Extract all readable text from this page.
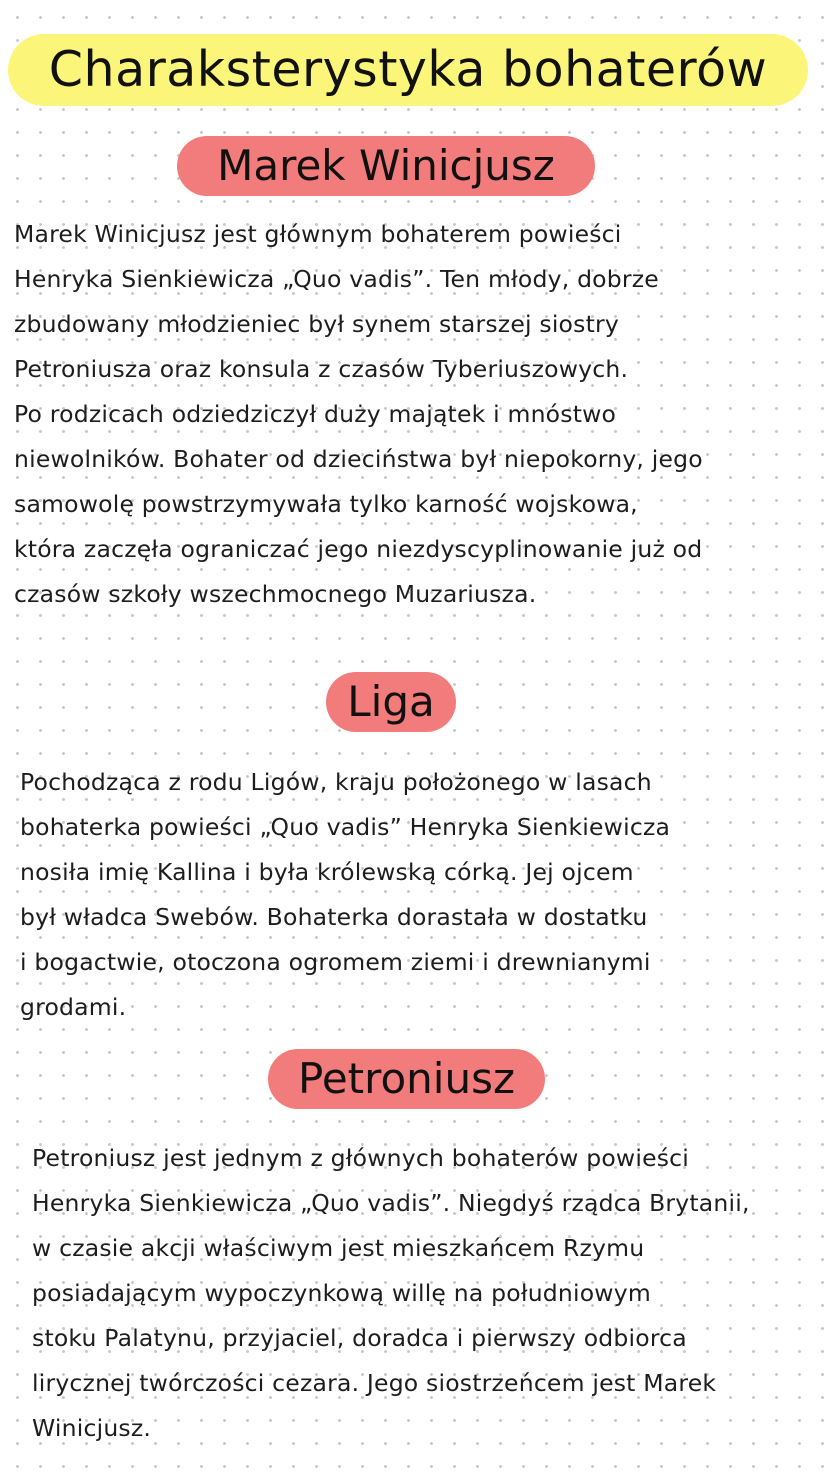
Charaksterystyka bohaterów
Marek Winicjusz
Marek Winicjusz jest głównym bohaterem powieści
Henryka Sienkiewicza „Quo vadis”. Ten młody, dobrze
zbudowany młodzieniec był synem starszej siostry
Petroniusza oraz konsula z czasów Tyberiuszowych.
Po rodzicach odziedziczył duży majątek i mnóstwo
niewolników. Bohater od dzieciństwa był niepokorny, jego
samowolę powstrzymywała tylko karność wojskowa,
która zaczęła ograniczać jego niezdyscyplinowanie już od
czasów szkoły wszechmocnego Muzariusza.
Liga
Pochodząca z rodu Ligów, kraju położonego w lasach
bohaterka powieści „Quo vadis” Henryka Sienkiewicza
nosiła imię Kallina i była królewską córką. Jej ojcem
był władca Swebów. Bohaterka dorastała w dostatku
i bogactwie, otoczona ogromem ziemi i drewnianymi
grodami.
Petroniusz
Petroniusz jest jednym z głównych bohaterów powieści
Henryka Sienkiewicza „Quo vadis”. Niegdyś rządca Brytanii,
w czasie akcji właściwym jest mieszkańcem Rzymu
posiadającym wypoczynkową willę na południowym
stoku Palatynu, przyjaciel, doradca i pierwszy odbiorca
lirycznej twórczości cezara. Jego siostrzeńcem jest Marek
Winicjusz.
